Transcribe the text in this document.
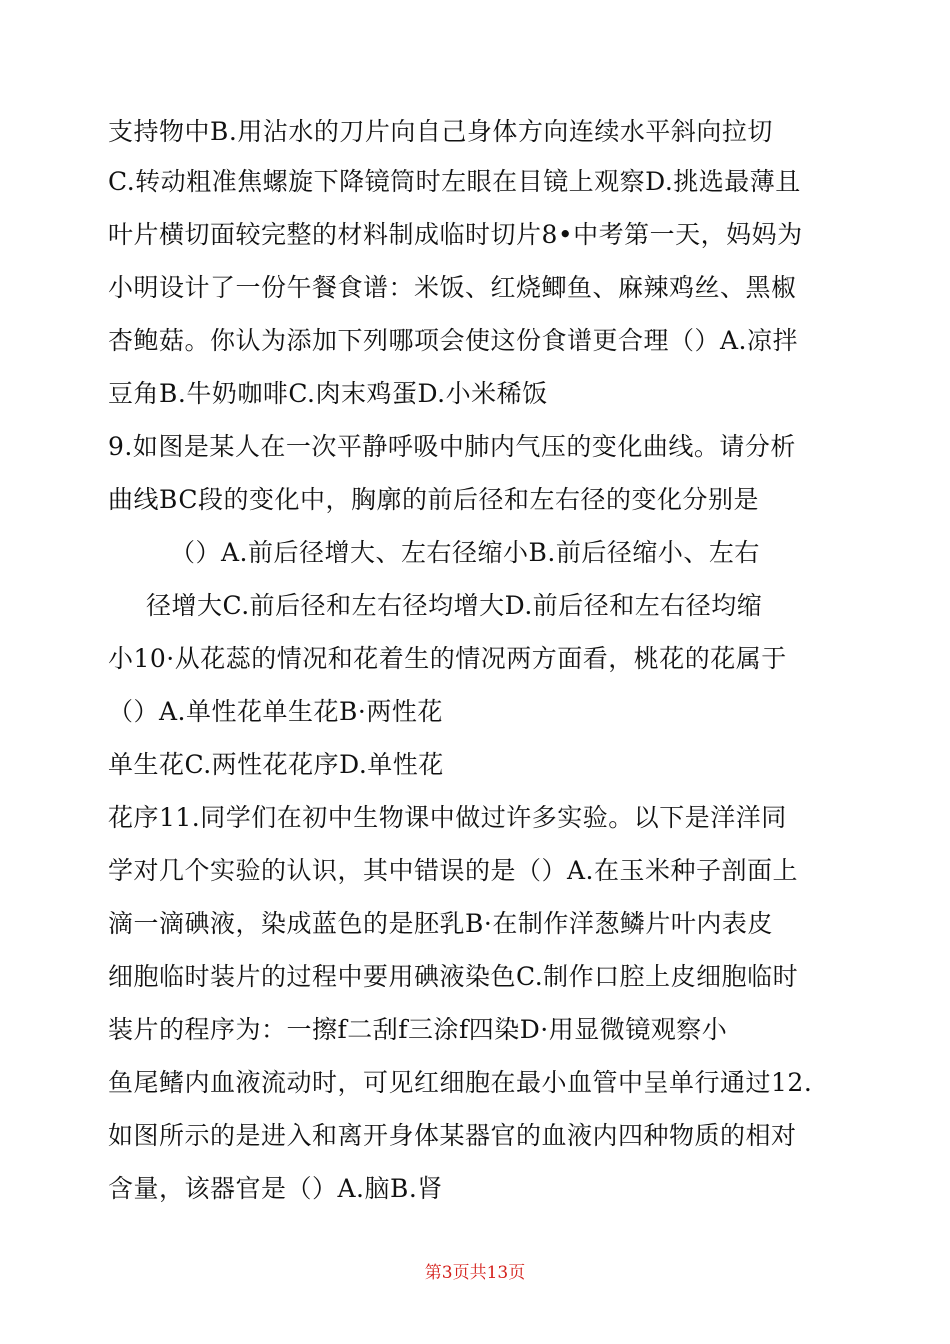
支持物中B.用沾水的刀片向自己身体方向连续水平斜向拉切
C.转动粗准焦螺旋下降镜筒时左眼在目镜上观察D.挑选最薄且
叶片横切面较完整的材料制成临时切片8•中考第一天，妈妈为
小明设计了一份午餐食谱：米饭、红烧鲫鱼、麻辣鸡丝、黑椒
杏鲍菇。你认为添加下列哪项会使这份食谱更合理（）A.凉拌
豆角B.牛奶咖啡C.肉末鸡蛋D.小米稀饭
9.如图是某人在一次平静呼吸中肺内气压的变化曲线。请分析
曲线BC段的变化中，胸廓的前后径和左右径的变化分别是
（）A.前后径增大、左右径缩小B.前后径缩小、左右
径增大C.前后径和左右径均增大D.前后径和左右径均缩
小10·从花蕊的情况和花着生的情况两方面看，桃花的花属于
（）A.单性花单生花B·两性花
单生花C.两性花花序D.单性花
花序11.同学们在初中生物课中做过许多实验。以下是洋洋同
学对几个实验的认识，其中错误的是（）A.在玉米种子剖面上
滴一滴碘液，染成蓝色的是胚乳B·在制作洋葱鳞片叶内表皮
细胞临时装片的过程中要用碘液染色C.制作口腔上皮细胞临时
装片的程序为：一擦f二刮f三涂f四染D·用显微镜观察小
鱼尾鳍内血液流动时，可见红细胞在最小血管中呈单行通过12.
如图所示的是进入和离开身体某器官的血液内四种物质的相对
含量，该器官是（）A.脑B.肾
第3页共13页
